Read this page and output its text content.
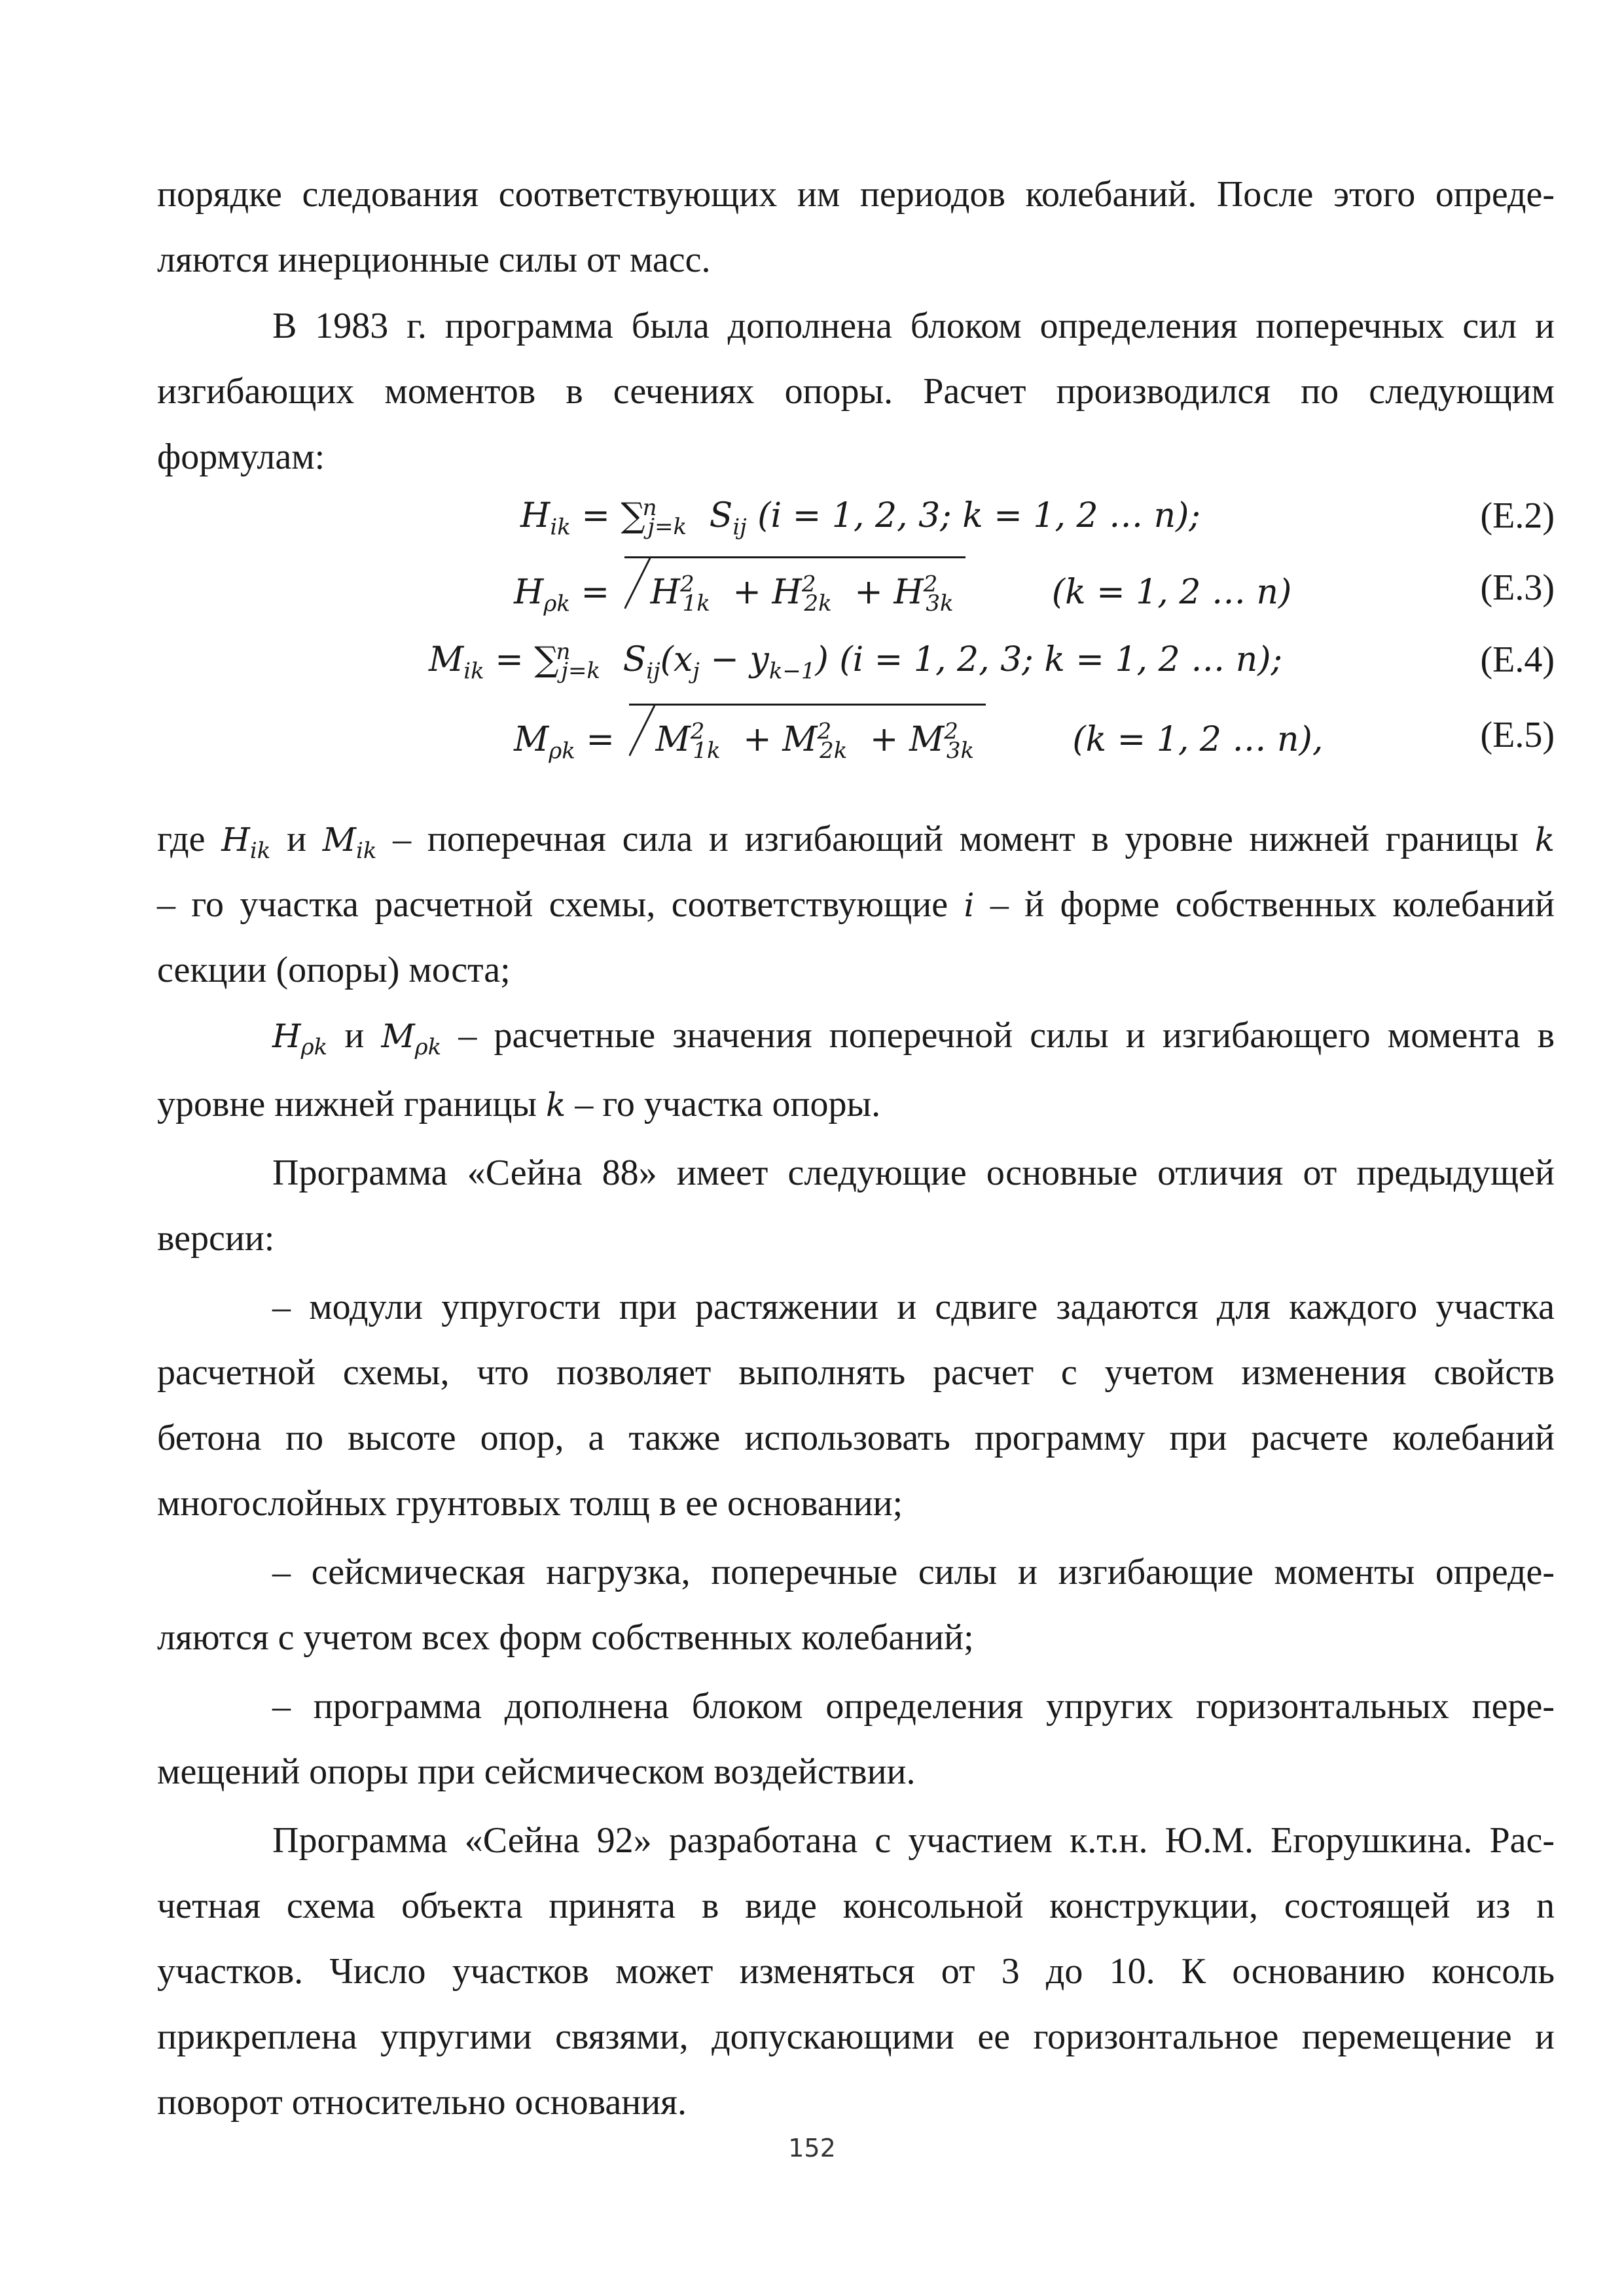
порядке следования соответствующих им периодов колебаний. После этого опреде-
ляются инерционные силы от масс.
В 1983 г. программа была дополнена блоком определения поперечных сил и
изгибающих моментов в сечениях опоры. Расчет производился по следующим
формулам:
$H_{ik} = \sum^n_{j=k}$ $S_{ij}$ (i = 1, 2, 3; k = 1, 2 … n);	(E.2)
$H_{\rho k} = H^2_{1k} + H^2_{2k} + H^2_{3k}$        (k = 1, 2 … n)	(E.3)
$M_{ik} = \sum^n_{j=k}$ $S_{ij}(x_j - y_{k-1}) (i = 1$, 2, 3; k = 1, 2 … n);	(E.4)
$M_{\rho k} = M^2_{1k} + M^2_{2k} + M^2_{3k}$        (k = 1, 2 … n),	(E.5)
где $H_{ik}$ и $M_{ik}$ – поперечная сила и изгибающий момент в уровне нижней границы k
– го участка расчетной схемы, соответствующие i – й форме собственных колебаний
секции (опоры) моста;
$H_{\rho k}$ и $M_{\rho k}$ – расчетные значения поперечной силы и изгибающего момента в
уровне нижней границы k – го участка опоры.
Программа «Сейна 88» имеет следующие основные отличия от предыдущей
версии:
– модули упругости при растяжении и сдвиге задаются для каждого участка
расчетной схемы, что позволяет выполнять расчет с учетом изменения свойств
бетона по высоте опор, а также использовать программу при расчете колебаний
многослойных грунтовых толщ в ее основании;
– сейсмическая нагрузка, поперечные силы и изгибающие моменты опреде-
ляются с учетом всех форм собственных колебаний;
– программа дополнена блоком определения упругих горизонтальных пере-
мещений опоры при сейсмическом воздействии.
Программа «Сейна 92» разработана с участием к.т.н. Ю.М. Егорушкина. Рас-
четная схема объекта принята в виде консольной конструкции, состоящей из n
участков. Число участков может изменяться от 3 до 10. К основанию консоль
прикреплена упругими связями, допускающими ее горизонтальное перемещение и
поворот относительно основания.
152
